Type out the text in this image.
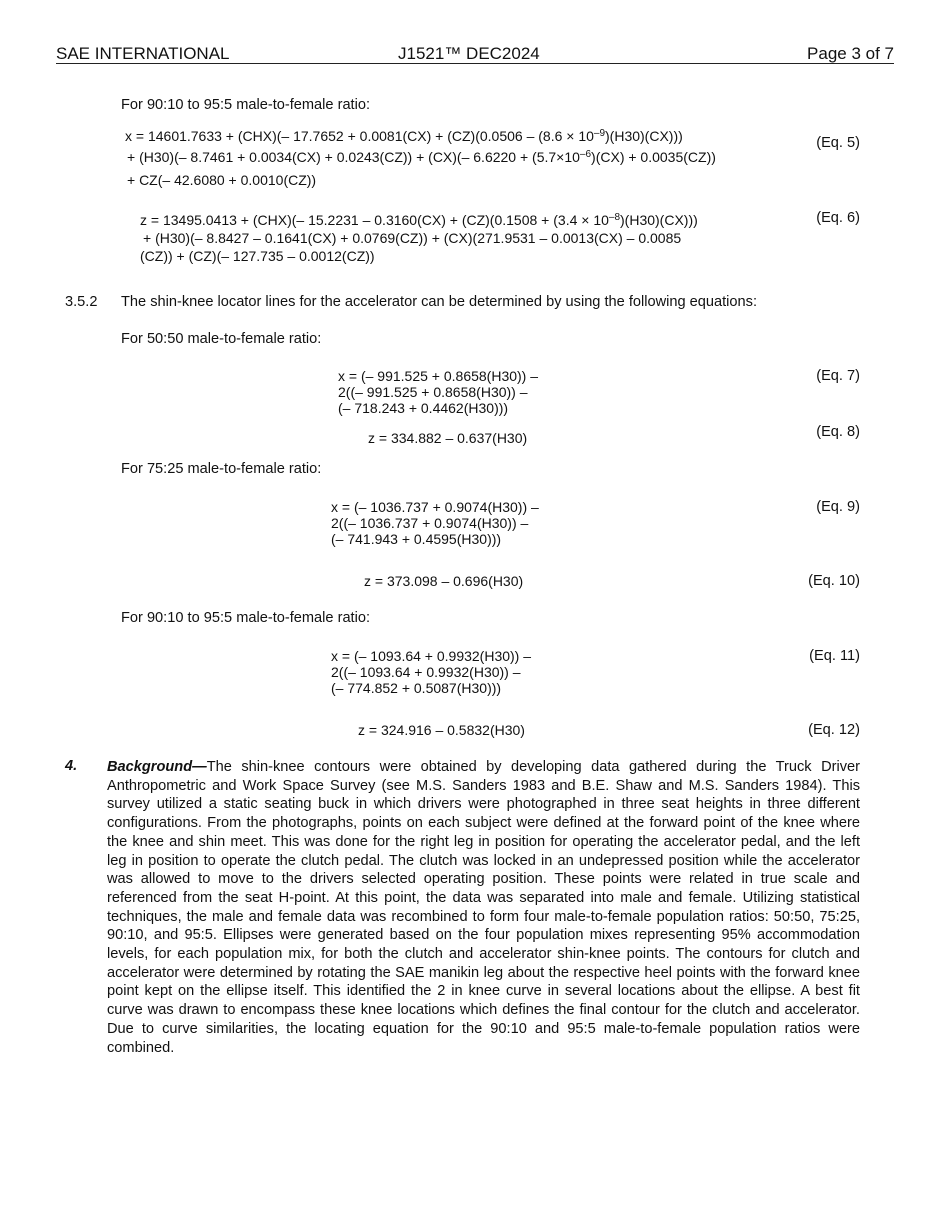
SAE INTERNATIONAL	J1521™ DEC2024	Page 3 of 7
For 90:10 to 95:5 male-to-female ratio:
x = 14601.7633 + (CHX)(– $17.7652 + 0.0081(CX) + (CZ)(0.0506 - (8.6 \times 10^{-9})(H30)(CX))$)
+ (H30)(– 8.7461 + 0.0034(CX) + 0.0243(CZ)) + (CX)(– $6.6220 + (5.7\times 10^{-6})(CX) + 0.0035(CZ)$)
+ CZ(– 42.6080 + 0.0010(CZ))
(Eq. 5)
z = 13495.0413 + (CHX)(– $15.2231 - 0.3160(CX) + (CZ)(0.1508 + (3.4 \times 10^{-8})(H30)(CX))$)
+ (H30)(– 8.8427 – 0.1641(CX) + 0.0769(CZ)) + (CX)(271.9531 – 0.0013(CX) – 0.0085
(CZ)) + (CZ)(– 127.735 – 0.0012(CZ))
(Eq. 6)
3.5.2 The shin-knee locator lines for the accelerator can be determined by using the following equations:
For 50:50 male-to-female ratio:
x = (– 991.525 + 0.8658(H30)) –
2((– 991.525 + 0.8658(H30)) –
(– 718.243 + 0.4462(H30)))
(Eq. 7)
z = 334.882 – 0.637(H30)	(Eq. 8)
For 75:25 male-to-female ratio:
x = (– 1036.737 + 0.9074(H30)) –
2((– 1036.737 + 0.9074(H30)) –
(– 741.943 + 0.4595(H30)))
(Eq. 9)
z = 373.098 – 0.696(H30)	(Eq. 10)
For 90:10 to 95:5 male-to-female ratio:
x = (– 1093.64 + 0.9932(H30)) –
2((– 1093.64 + 0.9932(H30)) –
(– 774.852 + 0.5087(H30)))
(Eq. 11)
z = 324.916 – 0.5832(H30)	(Eq. 12)
4. Background—The shin-knee contours were obtained by developing data gathered during the Truck Driver Anthropometric and Work Space Survey (see M.S. Sanders 1983 and B.E. Shaw and M.S. Sanders 1984). This survey utilized a static seating buck in which drivers were photographed in three seat heights in three different configurations. From the photographs, points on each subject were defined at the forward point of the knee where the knee and shin meet. This was done for the right leg in position for operating the accelerator pedal, and the left leg in position to operate the clutch pedal. The clutch was locked in an undepressed position while the accelerator was allowed to move to the drivers selected operating position. These points were related in true scale and referenced from the seat H-point. At this point, the data was separated into male and female. Utilizing statistical techniques, the male and female data was recombined to form four male-to-female population ratios: 50:50, 75:25, 90:10, and 95:5. Ellipses were generated based on the four population mixes representing 95% accommodation levels, for each population mix, for both the clutch and accelerator shin-knee points. The contours for clutch and accelerator were determined by rotating the SAE manikin leg about the respective heel points with the forward knee point kept on the ellipse itself. This identified the 2 in knee curve in several locations about the ellipse. A best fit curve was drawn to encompass these knee locations which defines the final contour for the clutch and accelerator. Due to curve similarities, the locating equation for the 90:10 and 95:5 male-to-female population ratios were combined.
